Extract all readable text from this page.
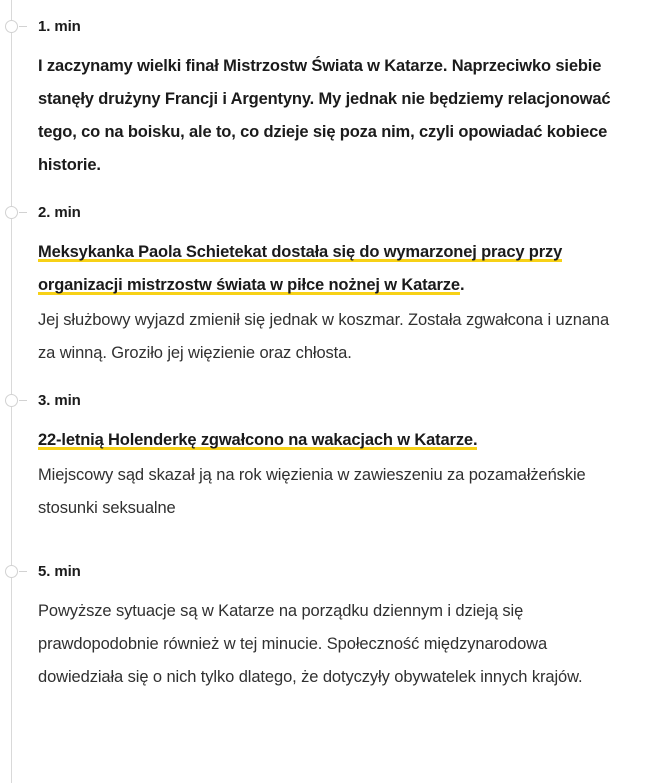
1. min

I zaczynamy wielki finał Mistrzostw Świata w Katarze. Naprzeciwko siebie stanęły drużyny Francji i Argentyny. My jednak nie będziemy relacjonować tego, co na boisku, ale to, co dzieje się poza nim, czyli opowiadać kobiece historie.

2. min

Meksykanka Paola Schietekat dostała się do wymarzonej pracy przy organizacji mistrzostw świata w piłce nożnej w Katarze.

Jej służbowy wyjazd zmienił się jednak w koszmar. Została zgwałcona i uznana za winną. Groziło jej więzienie oraz chłosta.

3. min

22-letnią Holenderkę zgwałcono na wakacjach w Katarze.

Miejscowy sąd skazał ją na rok więzienia w zawieszeniu za pozamałżeńskie stosunki seksualne

5. min

Powyższe sytuacje są w Katarze na porządku dziennym i dzieją się prawdopodobnie również w tej minucie. Społeczność międzynarodowa dowiedziała się o nich tylko dlatego, że dotyczyły obywatelek innych krajów.
